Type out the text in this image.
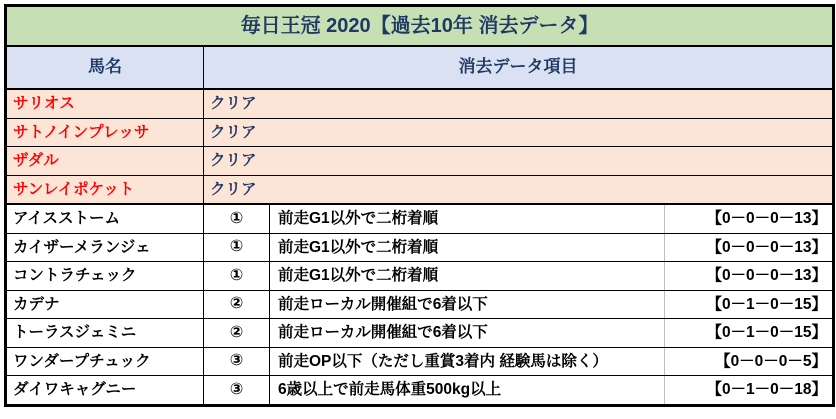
毎日王冠 2020【過去10年 消去データ】			
馬名	消去データ項目		
サリオス	クリア		
サトノインプレッサ	クリア		
ザダル	クリア		
サンレイポケット	クリア		
アイスストーム	①	前走G1以外で二桁着順	【0－0－0－13】
カイザーメランジェ	①	前走G1以外で二桁着順	【0－0－0－13】
コントラチェック	①	前走G1以外で二桁着順	【0－0－0－13】
カデナ	②	前走ローカル開催組で6着以下	【0－1－0－15】
トーラスジェミニ	②	前走ローカル開催組で6着以下	【0－1－0－15】
ワンダープチュック	③	前走OP以下（ただし重賞3着内 経験馬は除く）	【0－0－0－5】
ダイワキャグニー	③	6歳以上で前走馬体重500kg以上	【0－1－0－18】
